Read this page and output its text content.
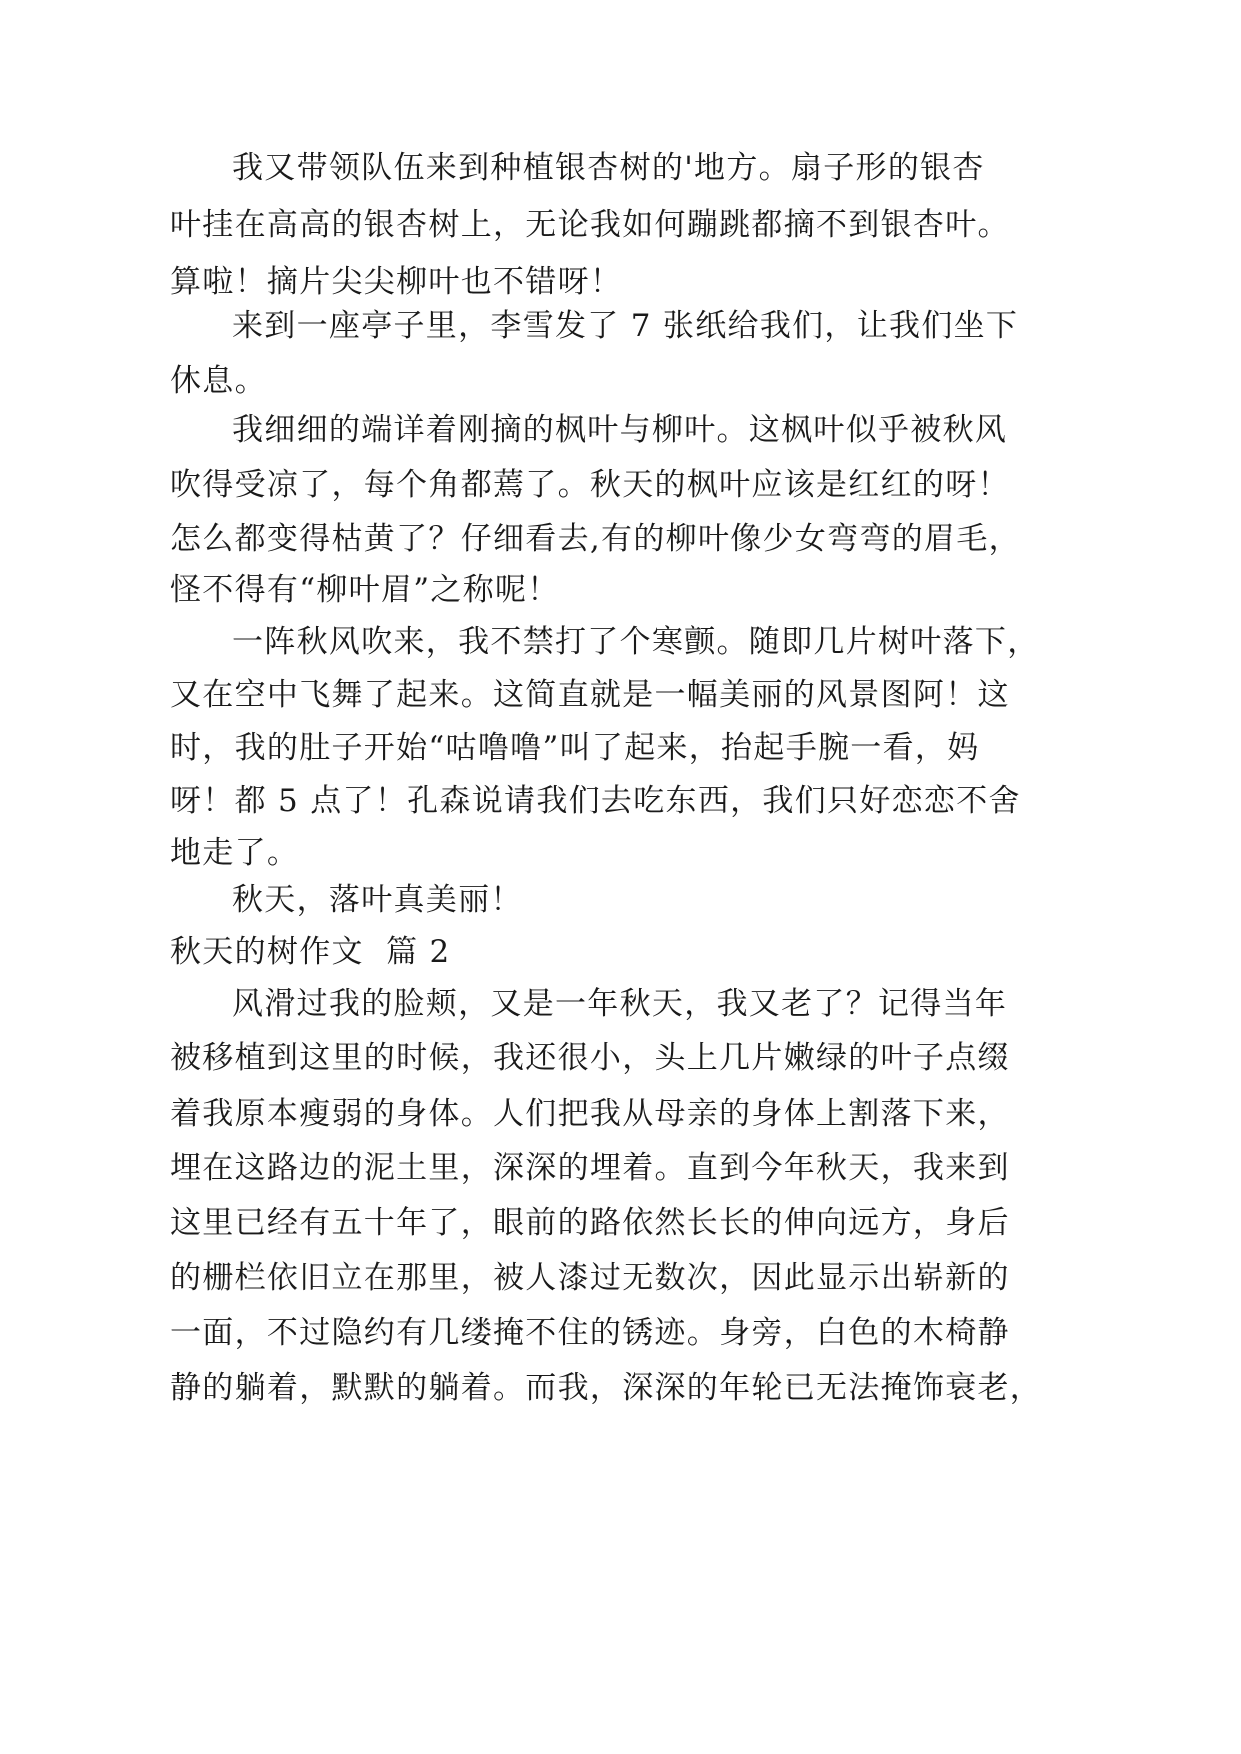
我又带领队伍来到种植银杏树的'地方。扇子形的银杏

叶挂在高高的银杏树上，无论我如何蹦跳都摘不到银杏叶。

算啦！摘片尖尖柳叶也不错呀！

来到一座亭子里，李雪发了 7 张纸给我们，让我们坐下

休息。

我细细的端详着刚摘的枫叶与柳叶。这枫叶似乎被秋风

吹得受凉了，每个角都蔫了。秋天的枫叶应该是红红的呀！

怎么都变得枯黄了？仔细看去,有的柳叶像少女弯弯的眉毛，

怪不得有“柳叶眉”之称呢！

一阵秋风吹来，我不禁打了个寒颤。随即几片树叶落下，

又在空中飞舞了起来。这简直就是一幅美丽的风景图阿！这

时，我的肚子开始“咕噜噜”叫了起来，抬起手腕一看，妈

呀！都 5 点了！孔森说请我们去吃东西，我们只好恋恋不舍

地走了。

秋天，落叶真美丽！

秋天的树作文  篇 2

风滑过我的脸颊，又是一年秋天，我又老了？记得当年

被移植到这里的时候，我还很小，头上几片嫩绿的叶子点缀

着我原本瘦弱的身体。人们把我从母亲的身体上割落下来，

埋在这路边的泥土里，深深的埋着。直到今年秋天，我来到

这里已经有五十年了，眼前的路依然长长的伸向远方，身后

的栅栏依旧立在那里，被人漆过无数次，因此显示出崭新的

一面，不过隐约有几缕掩不住的锈迹。身旁，白色的木椅静

静的躺着，默默的躺着。而我，深深的年轮已无法掩饰衰老，
